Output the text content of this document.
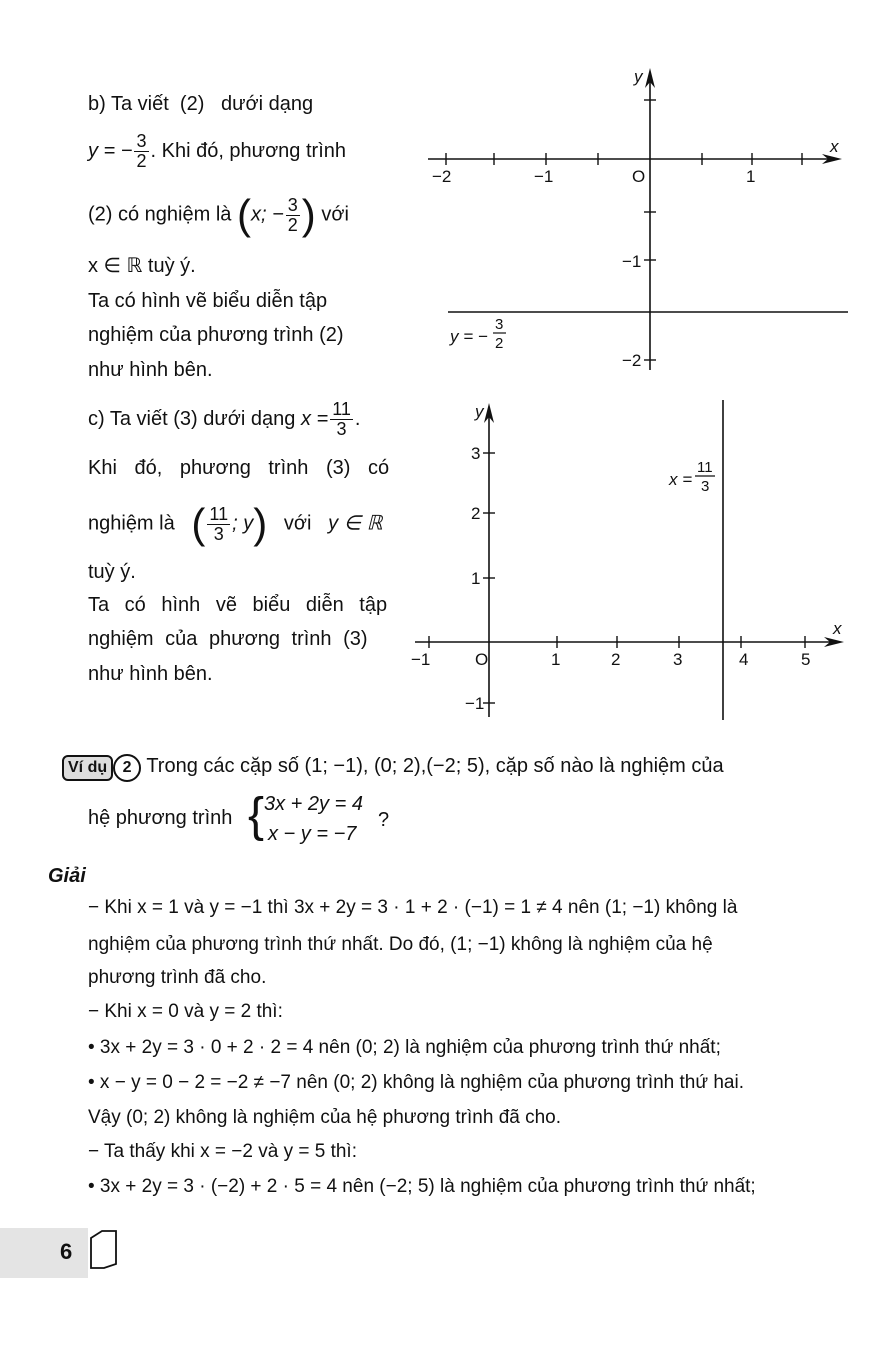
b) Ta viết (2) dưới dạng
y = − $\frac{3}{2}$ . Khi đó, phương trình
(2) có nghiệm là (x; − $\frac{3}{2}$ ) với
x ∈ ℝ tuỳ ý.
Ta có hình vẽ biểu diễn tập
nghiệm của phương trình (2)
như hình bên.
y
x
O
−2	−1	1
−1
−2
y = −
3
2
c) Ta viết (3) dưới dạng $x = \frac{11}{3}$ .
Khi đó, phương trình (3) có
nghiệm là ( $\frac{11}{3}$ ; y) với y ∈ ℝ
tuỳ ý.
Ta có hình vẽ biểu diễn tập
nghiệm của phương trình (3)
như hình bên.
y
x
O
−1	1	2	3	4	5
3
2
1
−1
x =
11
3
Ví dụ 2 Trong các cặp số (1; −1), (0; 2),(−2; 5), cặp số nào là nghiệm của
hệ phương trình { 3x + 2y = 4
x − y = −7
?
Giải
− Khi x = 1 và y = −1 thì 3x + 2y = 3 · 1 + 2 · (−1) = 1 ≠ 4 nên (1; −1) không là
nghiệm của phương trình thứ nhất. Do đó, (1; −1) không là nghiệm của hệ
phương trình đã cho.
− Khi x = 0 và y = 2 thì:
• 3x + 2y = 3 · 0 + 2 · 2 = 4 nên (0; 2) là nghiệm của phương trình thứ nhất;
• x − y = 0 − 2 = −2 ≠ −7 nên (0; 2) không là nghiệm của phương trình thứ hai.
Vậy (0; 2) không là nghiệm của hệ phương trình đã cho.
− Ta thấy khi x = −2 và y = 5 thì:
• 3x + 2y = 3 · (−2) + 2 · 5 = 4 nên (−2; 5) là nghiệm của phương trình thứ nhất;
6
